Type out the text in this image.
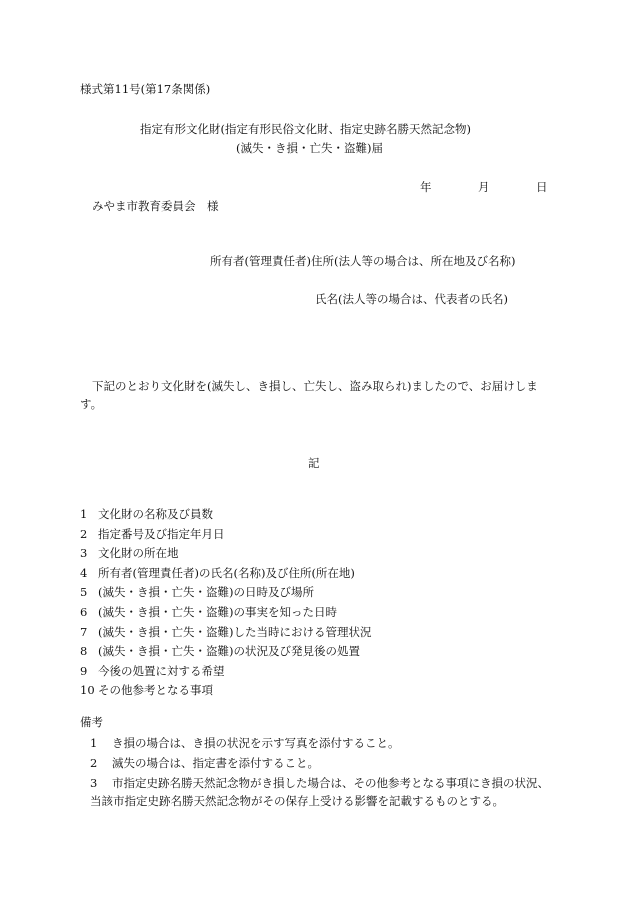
様式第11号(第17条関係)
指定有形文化財(指定有形民俗文化財、指定史跡名勝天然記念物)
(滅失・き損・亡失・盗難)届
年	月	日
みやま市教育委員会　様
所有者(管理責任者)住所(法人等の場合は、所在地及び名称)
氏名(法人等の場合は、代表者の氏名)
下記のとおり文化財を(滅失し、き損し、亡失し、盗み取られ)ましたので、お届けします。
記
1 文化財の名称及び員数
2 指定番号及び指定年月日
3 文化財の所在地
4 所有者(管理責任者)の氏名(名称)及び住所(所在地)
5 (滅失・き損・亡失・盗難)の日時及び場所
6 (滅失・き損・亡失・盗難)の事実を知った日時
7 (滅失・き損・亡失・盗難)した当時における管理状況
8 (滅失・き損・亡失・盗難)の状況及び発見後の処置
9 今後の処置に対する希望
10 その他参考となる事項
備考
1 き損の場合は、き損の状況を示す写真を添付すること。
2 滅失の場合は、指定書を添付すること。
3 市指定史跡名勝天然記念物がき損した場合は、その他参考となる事項にき損の状況、
当該市指定史跡名勝天然記念物がその保存上受ける影響を記載するものとする。
